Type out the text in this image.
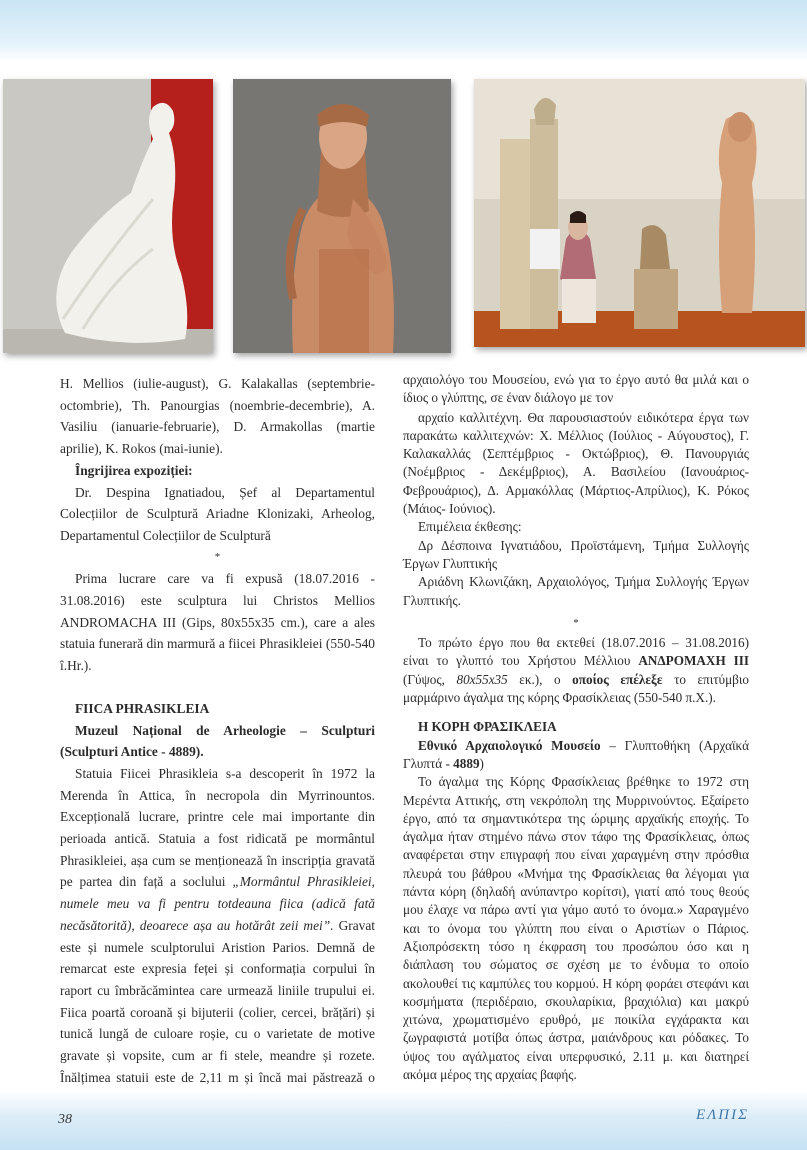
H. Mellios (iulie-august), G. Kalakallas (septembrie-octombrie), Th. Panourgias (noembrie-decembrie), A. Vasiliu (ianuarie-februarie), D. Armakollas (martie aprilie), K. Rokos (mai-iunie).

Îngrijirea expoziției:

Dr. Despina Ignatiadou, Șef al Departamentul Colecțiilor de Sculptură Ariadne Klonizaki, Arheolog, Departamentul Colecțiilor de Sculptură

*

Prima lucrare care va fi expusă (18.07.2016 - 31.08.2016) este sculptura lui Christos Mellios ANDROMACHA III (Gips, 80x55x35 cm.), care a ales statuia funerară din marmură a fiicei Phrasikleiei (550-540 î.Hr.).

FIICA PHRASIKLEIA

Muzeul Național de Arheologie – Sculpturi (Sculpturi Antice - 4889).

Statuia Fiicei Phrasikleia s-a descoperit în 1972 la Merenda în Attica, în necropola din Myrrinountos. Excepțională lucrare, printre cele mai importante din perioada antică. Statuia a fost ridicată pe mormântul Phrasikleiei, așa cum se menționează în inscripția gravată pe partea din față a soclului „Mormântul Phrasikleiei, numele meu va fi pentru totdeauna fiica (adică fată necăsătorită), deoarece așa au hotărât zeii mei”. Gravat este și numele sculptorului Aristion Parios. Demnă de remarcat este expresia feței și conformația corpului în raport cu îmbrăcămintea care urmează liniile trupului ei. Fiica poartă coroană și bijuterii (colier, cercei, brățări) și tunică lungă de culoare roșie, cu o varietate de motive gravate și vopsite, cum ar fi stele, meandre și rozete. Înălțimea statuii este de 2,11 m și încă mai păstrează o

αρχαιολόγο του Μουσείου, ενώ για το έργο αυτό θα μιλά και ο ίδιος ο γλύπτης, σε έναν διάλογο με τον

αρχαίο καλλιτέχνη. Θα παρουσιαστούν ειδικότερα έργα των παρακάτω καλλιτεχνών: Χ. Μέλλιος (Ιούλιος - Αύγουστος), Γ. Καλακαλλάς (Σεπτέμβριος - Οκτώβριος), Θ. Πανουργιάς (Νοέμβριος - Δεκέμβριος), Α. Βασιλείου (Ιανουάριος- Φεβρουάριος), Δ. Αρμακόλλας (Μάρτιος-Απρίλιος), Κ. Ρόκος (Μάιος- Ιούνιος).

Επιμέλεια έκθεσης:

Δρ Δέσποινα Ιγνατιάδου, Προϊστάμενη, Τμήμα Συλλογής Έργων Γλυπτικής

Αριάδνη Κλωνιζάκη, Αρχαιολόγος, Τμήμα Συλλογής Έργων Γλυπτικής.

*

Το πρώτο έργο που θα εκτεθεί (18.07.2016 – 31.08.2016) είναι το γλυπτό του Χρήστου Μέλλιου ΑΝΔΡΟΜΑΧΗ ΙΙΙ (Γύψος, 80x55x35 εκ.), ο οποίος επέλεξε το επιτύμβιο μαρμάρινο άγαλμα της κόρης Φρασίκλειας (550-540 π.Χ.).

Η ΚΟΡΗ ΦΡΑΣΙΚΛΕΙΑ

Εθνικό Αρχαιολογικό Μουσείο – Γλυπτοθήκη (Αρχαϊκά Γλυπτά - 4889)

Το άγαλμα της Κόρης Φρασίκλειας βρέθηκε το 1972 στη Μερέντα Αττικής, στη νεκρόπολη της Μυρρινούντος. Εξαίρετο έργο, από τα σημαντικότερα της ώριμης αρχαϊκής εποχής. Το άγαλμα ήταν στημένο πάνω στον τάφο της Φρασίκλειας, όπως αναφέρεται στην επιγραφή που είναι χαραγμένη στην πρόσθια πλευρά του βάθρου «Μνήμα της Φρασίκλειας θα λέγομαι για πάντα κόρη (δηλαδή ανύπαντρο κορίτσι), γιατί από τους θεούς μου έλαχε να πάρω αντί για γάμο αυτό το όνομα.» Χαραγμένο και το όνομα του γλύπτη που είναι ο Αριστίων ο Πάριος. Αξιοπρόσεκτη τόσο η έκφραση του προσώπου όσο και η διάπλαση του σώματος σε σχέση με το ένδυμα το οποίο ακολουθεί τις καμπύλες του κορμού. Η κόρη φοράει στεφάνι και κοσμήματα (περιδέραιο, σκουλαρίκια, βραχιόλια) και μακρύ χιτώνα, χρωματισμένο ερυθρό, με ποικίλα εγχάρακτα και ζωγραφιστά μοτίβα όπως άστρα, μαιάνδρους και ρόδακες. Το ύψος του αγάλματος είναι υπερφυσικό, 2.11 μ. και διατηρεί ακόμα μέρος της αρχαίας βαφής.

38	ΕΛΠΙΣ
